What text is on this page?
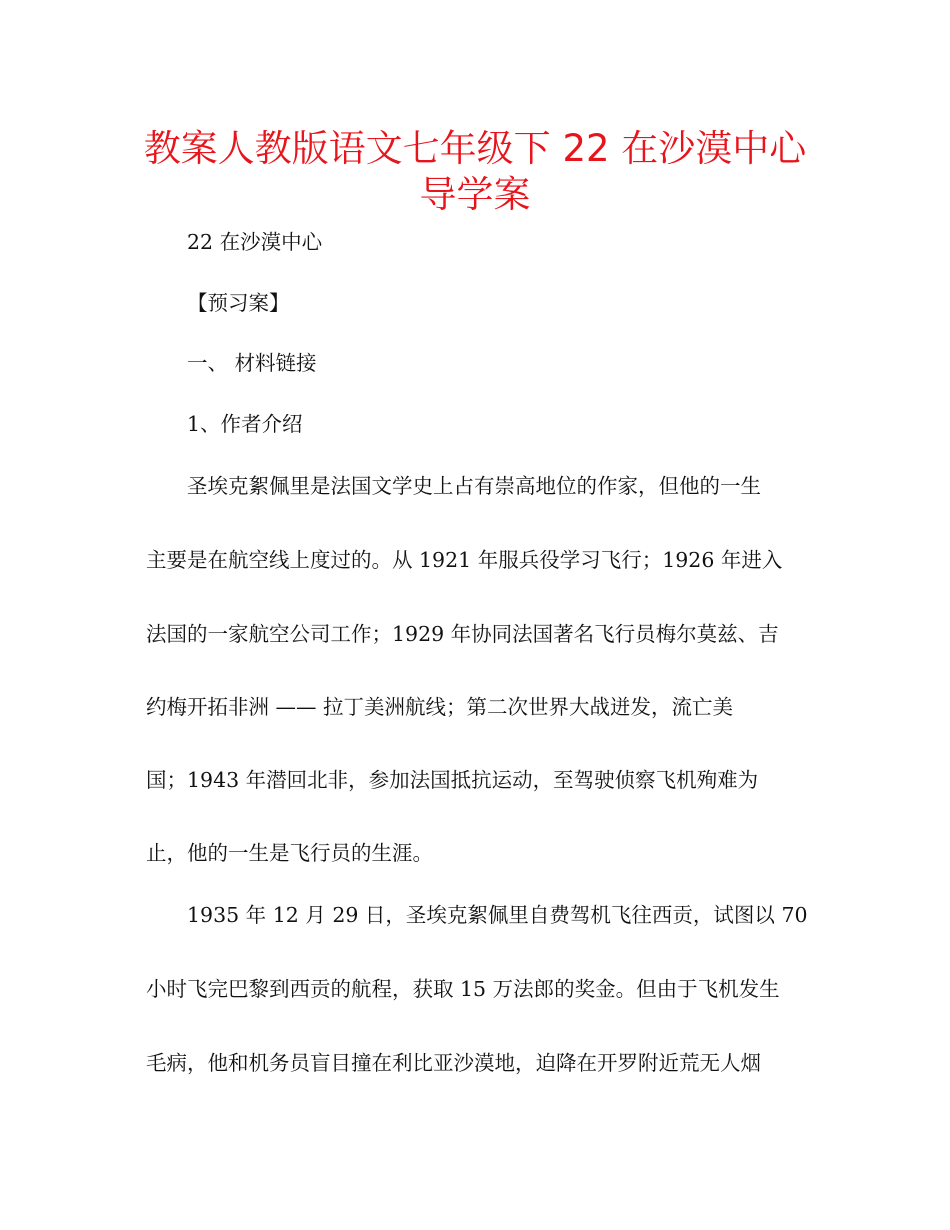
教案人教版语文七年级下 22 在沙漠中心
导学案
22 在沙漠中心
【预习案】
一、 材料链接
1、作者介绍
圣埃克絮佩里是法国文学史上占有崇高地位的作家，但他的一生
主要是在航空线上度过的。从 1921 年服兵役学习飞行；1926 年进入
法国的一家航空公司工作；1929 年协同法国著名飞行员梅尔莫兹、吉
约梅开拓非洲 —— 拉丁美洲航线；第二次世界大战迸发，流亡美
国；1943 年潜回北非，参加法国抵抗运动，至驾驶侦察飞机殉难为
止，他的一生是飞行员的生涯。
1935 年 12 月 29 日，圣埃克絮佩里自费驾机飞往西贡，试图以 70
小时飞完巴黎到西贡的航程，获取 15 万法郎的奖金。但由于飞机发生
毛病，他和机务员盲目撞在利比亚沙漠地，迫降在开罗附近荒无人烟
